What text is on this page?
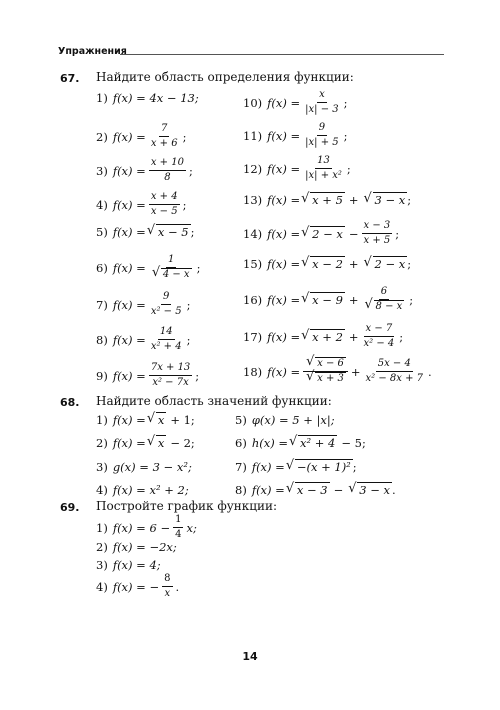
Упражнения
67. Найдите область определения функции:
1) f(x) = 4x − 13;
2) $f(x) = \frac{7}{x + 6}$ ;
3) $f(x) = \frac{x + 10}{8}$ ;
4) $f(x) = \frac{x + 4}{x - 5}$ ;
5) f(x) =	√ x − 5 ;
6) f(x) = 1
√ 4 − x ;
7) $f(x) = \frac{9}{\text{x² − 5}}$ ;
8) $f(x) = \frac{14}{\text{x² + 4}}$ ;
9) $f(x) = \frac{7x + 13}{\text{x² − 7x}}$ ;
10) $f(x) = \frac{x}{|x| - 3}$ ;
11) $f(x) = \frac{9}{|x| + 5}$ ;
12) $f(x) = \frac{13}{\text{|x| + x²}}$ ;
13) f(x) =	√ x + 5 +	√ 3 − x ;
14) f(x) =	√ $2 - x - \frac{x - 3}{x + 5}$ ;
15) f(x) =	√ x − 2 +	√ 2 − x ;
16) f(x) =	√ x − 9 + 6
√ 8 − x ;
17) f(x) =	√ $x + 2 + \frac{x - 7}{\text{x² − 4}}$ ;
18) f(x) = √ x − 6
√ $x + 3 + \frac{5x - 4}{\text{x² − 8x + 7}}$ .
68. Найдите область значений функции:
1) f(x) =	√ x + 1;
2) f(x) =	√ x − 2;
3) g(x) = 3 − x²;
4) f(x) = x² + 2;
5) φ(x) = 5 + |x|;
6) h(x) =	√ x² + 4 − 5;
7) f(x) =	√ −(x + 1)² ;
8) f(x) =	√ x − 3 −	√ 3 − x .
69. Постройте график функции:
1) $f(x) = 6 - \frac{1}{4} x$;
2) f(x) = −2x;
3) f(x) = 4;
4) f(x) = − $\frac{8}{x}$ .
14
